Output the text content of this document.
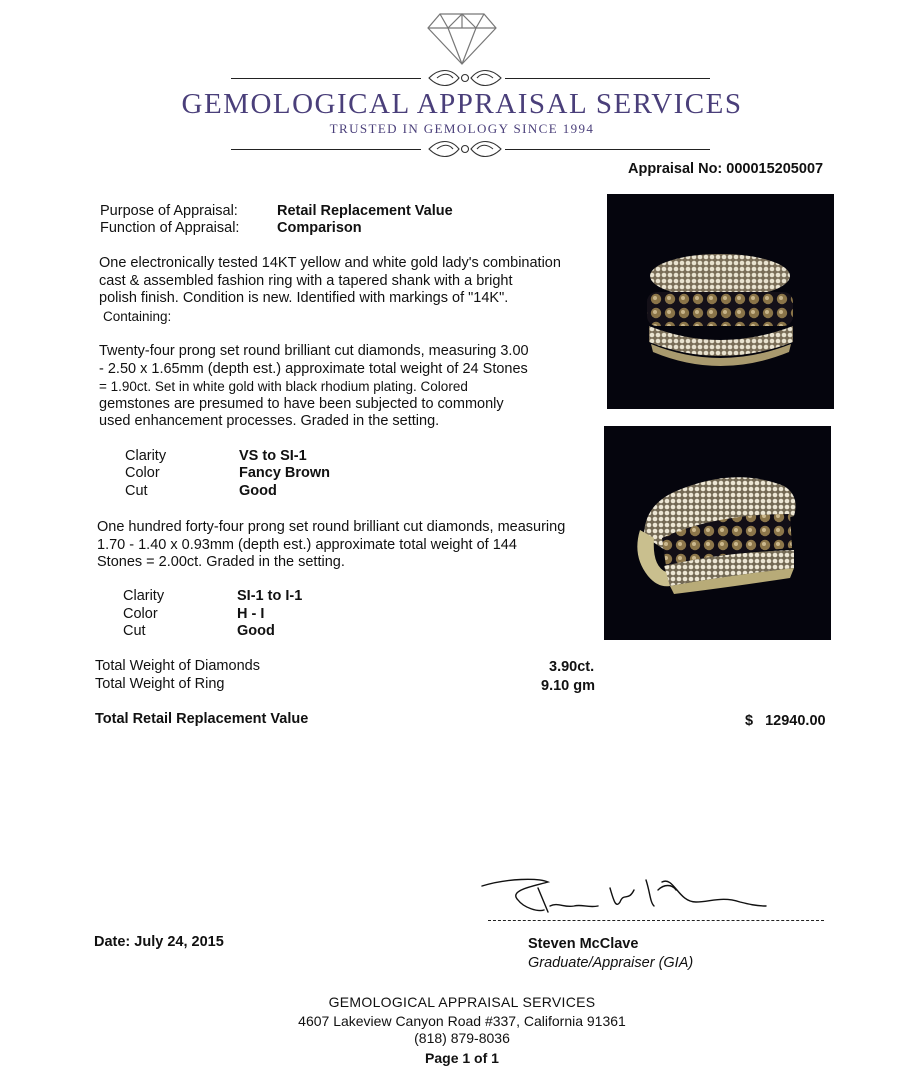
GEMOLOGICAL APPRAISAL SERVICES
TRUSTED IN GEMOLOGY SINCE 1994
Appraisal No: 000015205007
Purpose of Appraisal:	Retail Replacement Value
Function of Appraisal:	Comparison
One electronically tested 14KT yellow and white gold lady's combination
cast & assembled fashion ring with a tapered shank with a bright
polish finish. Condition is new. Identified with markings of "14K".
Containing:
Twenty-four prong set round brilliant cut diamonds, measuring 3.00
- 2.50 x 1.65mm (depth est.) approximate total weight of 24 Stones
= 1.90ct. Set in white gold with black rhodium plating. Colored
gemstones are presumed to have been subjected to commonly
used enhancement processes. Graded in the setting.
Clarity	VS to SI-1
Color	Fancy Brown
Cut	Good
One hundred forty-four prong set round brilliant cut diamonds, measuring
1.70 - 1.40 x 0.93mm (depth est.) approximate total weight of 144
Stones = 2.00ct. Graded in the setting.
Clarity	SI-1 to I-1
Color	H - I
Cut	Good
Total Weight of Diamonds	3.90ct.
Total Weight of Ring	9.10 gm
Total Retail Replacement Value	$ 12940.00
Date: July 24, 2015	Steven McClave
Graduate/Appraiser (GIA)
GEMOLOGICAL APPRAISAL SERVICES
4607 Lakeview Canyon Road #337, California 91361
(818) 879-8036
Page 1 of 1
